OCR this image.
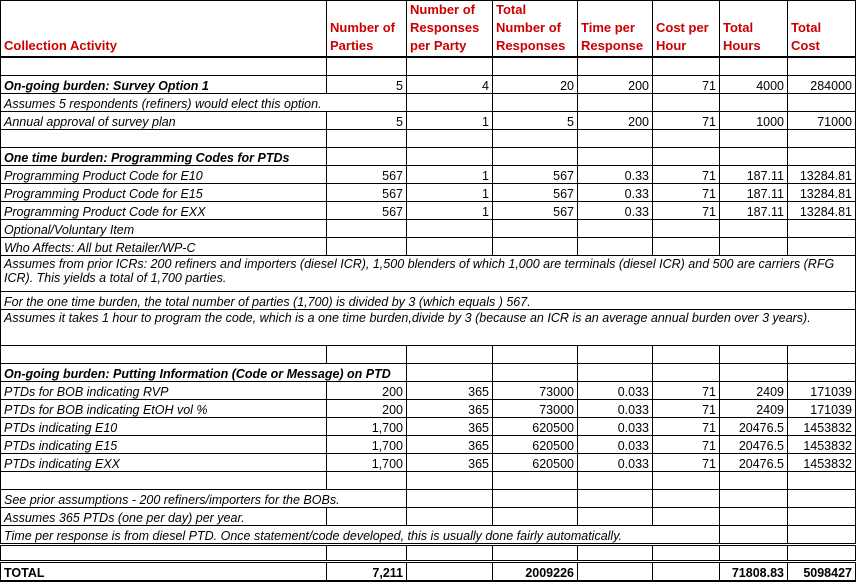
Collection Activity	Number of Parties	Number of Responses per Party	Total Number of Responses	Time per Response	Cost per Hour	Total Hours	Total Cost

On-going burden: Survey Option 1	5	4	20	200	71	4000	284000
Assumes 5 respondents (refiners) would elect this option.							
Annual approval of survey plan	5	1	5	200	71	1000	71000

One time burden: Programming Codes for PTDs							
Programming Product Code for E10	567	1	567	0.33	71	187.11	13284.81
Programming Product Code for E15	567	1	567	0.33	71	187.11	13284.81
Programming Product Code for EXX	567	1	567	0.33	71	187.11	13284.81
Optional/Voluntary Item							
Who Affects: All but Retailer/WP-C							
Assumes from prior ICRs: 200 refiners and importers (diesel ICR), 1,500 blenders of which 1,000 are terminals (diesel ICR) and 500 are carriers (RFG ICR). This yields a total of 1,700 parties.							
For the one time burden, the total number of parties (1,700) is divided by 3 (which equals ) 567.							
Assumes it takes 1 hour to program the code, which is a one time burden,divide by 3 (because an ICR is an average annual burden over 3 years).							

On-going burden: Putting Information (Code or Message) on PTD							
PTDs for BOB indicating RVP	200	365	73000	0.033	71	2409	171039
PTDs for BOB indicating EtOH vol %	200	365	73000	0.033	71	2409	171039
PTDs indicating E10	1,700	365	620500	0.033	71	20476.5	1453832
PTDs indicating E15	1,700	365	620500	0.033	71	20476.5	1453832
PTDs indicating EXX	1,700	365	620500	0.033	71	20476.5	1453832

See prior assumptions - 200 refiners/importers for the BOBs.							
Assumes 365 PTDs (one per day) per year.							
Time per response is from diesel PTD. Once statement/code developed, this is usually done fairly automatically.							

TOTAL	7,211		2009226			71808.83	5098427
